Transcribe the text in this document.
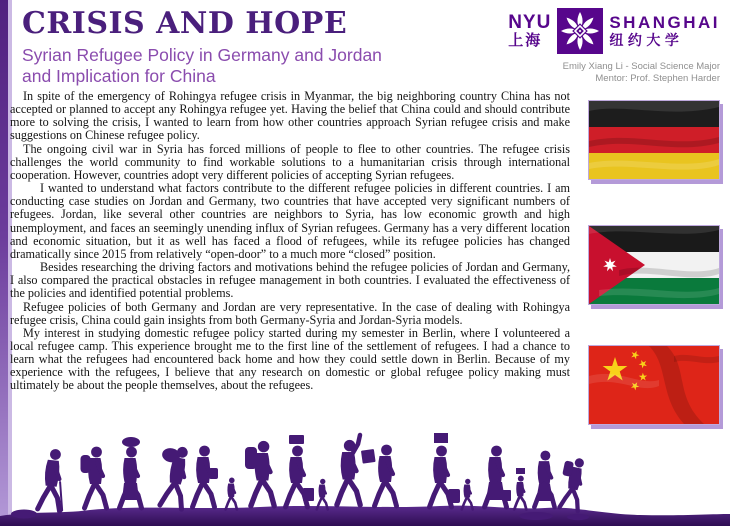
CRISIS AND HOPE
Syrian Refugee Policy in Germany and Jordan
and Implication for China
NYU
上海
SHANGHAI
纽约大学
Emily Xiang Li - Social Science Major
Mentor: Prof. Stephen Harder

In spite of the emergency of Rohingya refugee crisis in Myanmar, the big neighboring country China has not accepted or planned to accept any Rohingya refugee yet. Having the belief that China could and should contribute more to solving the crisis, I wanted to learn from how other countries approach Syrian refugee crisis and make suggestions on Chinese refugee policy.

The ongoing civil war in Syria has forced millions of people to flee to other countries. The refugee crisis challenges the world community to find workable solutions to a humanitarian crisis through international cooperation. However, countries adopt very different policies of accepting Syrian refugees.

I wanted to understand what factors contribute to the different refugee policies in different countries. I am conducting case studies on Jordan and Germany, two countries that have accepted very significant numbers of refugees. Jordan, like several other countries are neighbors to Syria, has low economic growth and high unemployment, and faces an seemingly unending influx of Syrian refugees. Germany has a very different location and economic situation, but it as well has faced a flood of refugees, while its refugee policies has changed dramatically since 2015 from relatively “open-door” to a much more “closed” position.

Besides researching the driving factors and motivations behind the refugee policies of Jordan and Germany, I also compared the practical obstacles in refugee management in both countries. I evaluated the effectiveness of the policies and identified potential problems.

Refugee policies of both Germany and Jordan are very representative. In the case of dealing with Rohingya refugee crisis, China could gain insights from both Germany-Syria and Jordan-Syria models.

My interest in studying domestic refugee policy started during my semester in Berlin, where I volunteered a local refugee camp. This experience brought me to the first line of the settlement of refugees. I had a chance to learn what the refugees had encountered back home and how they could settle down in Berlin. Because of my experience with the refugees, I believe that any research on domestic or global refugee policy making must ultimately be about the people themselves, about the refugees.
